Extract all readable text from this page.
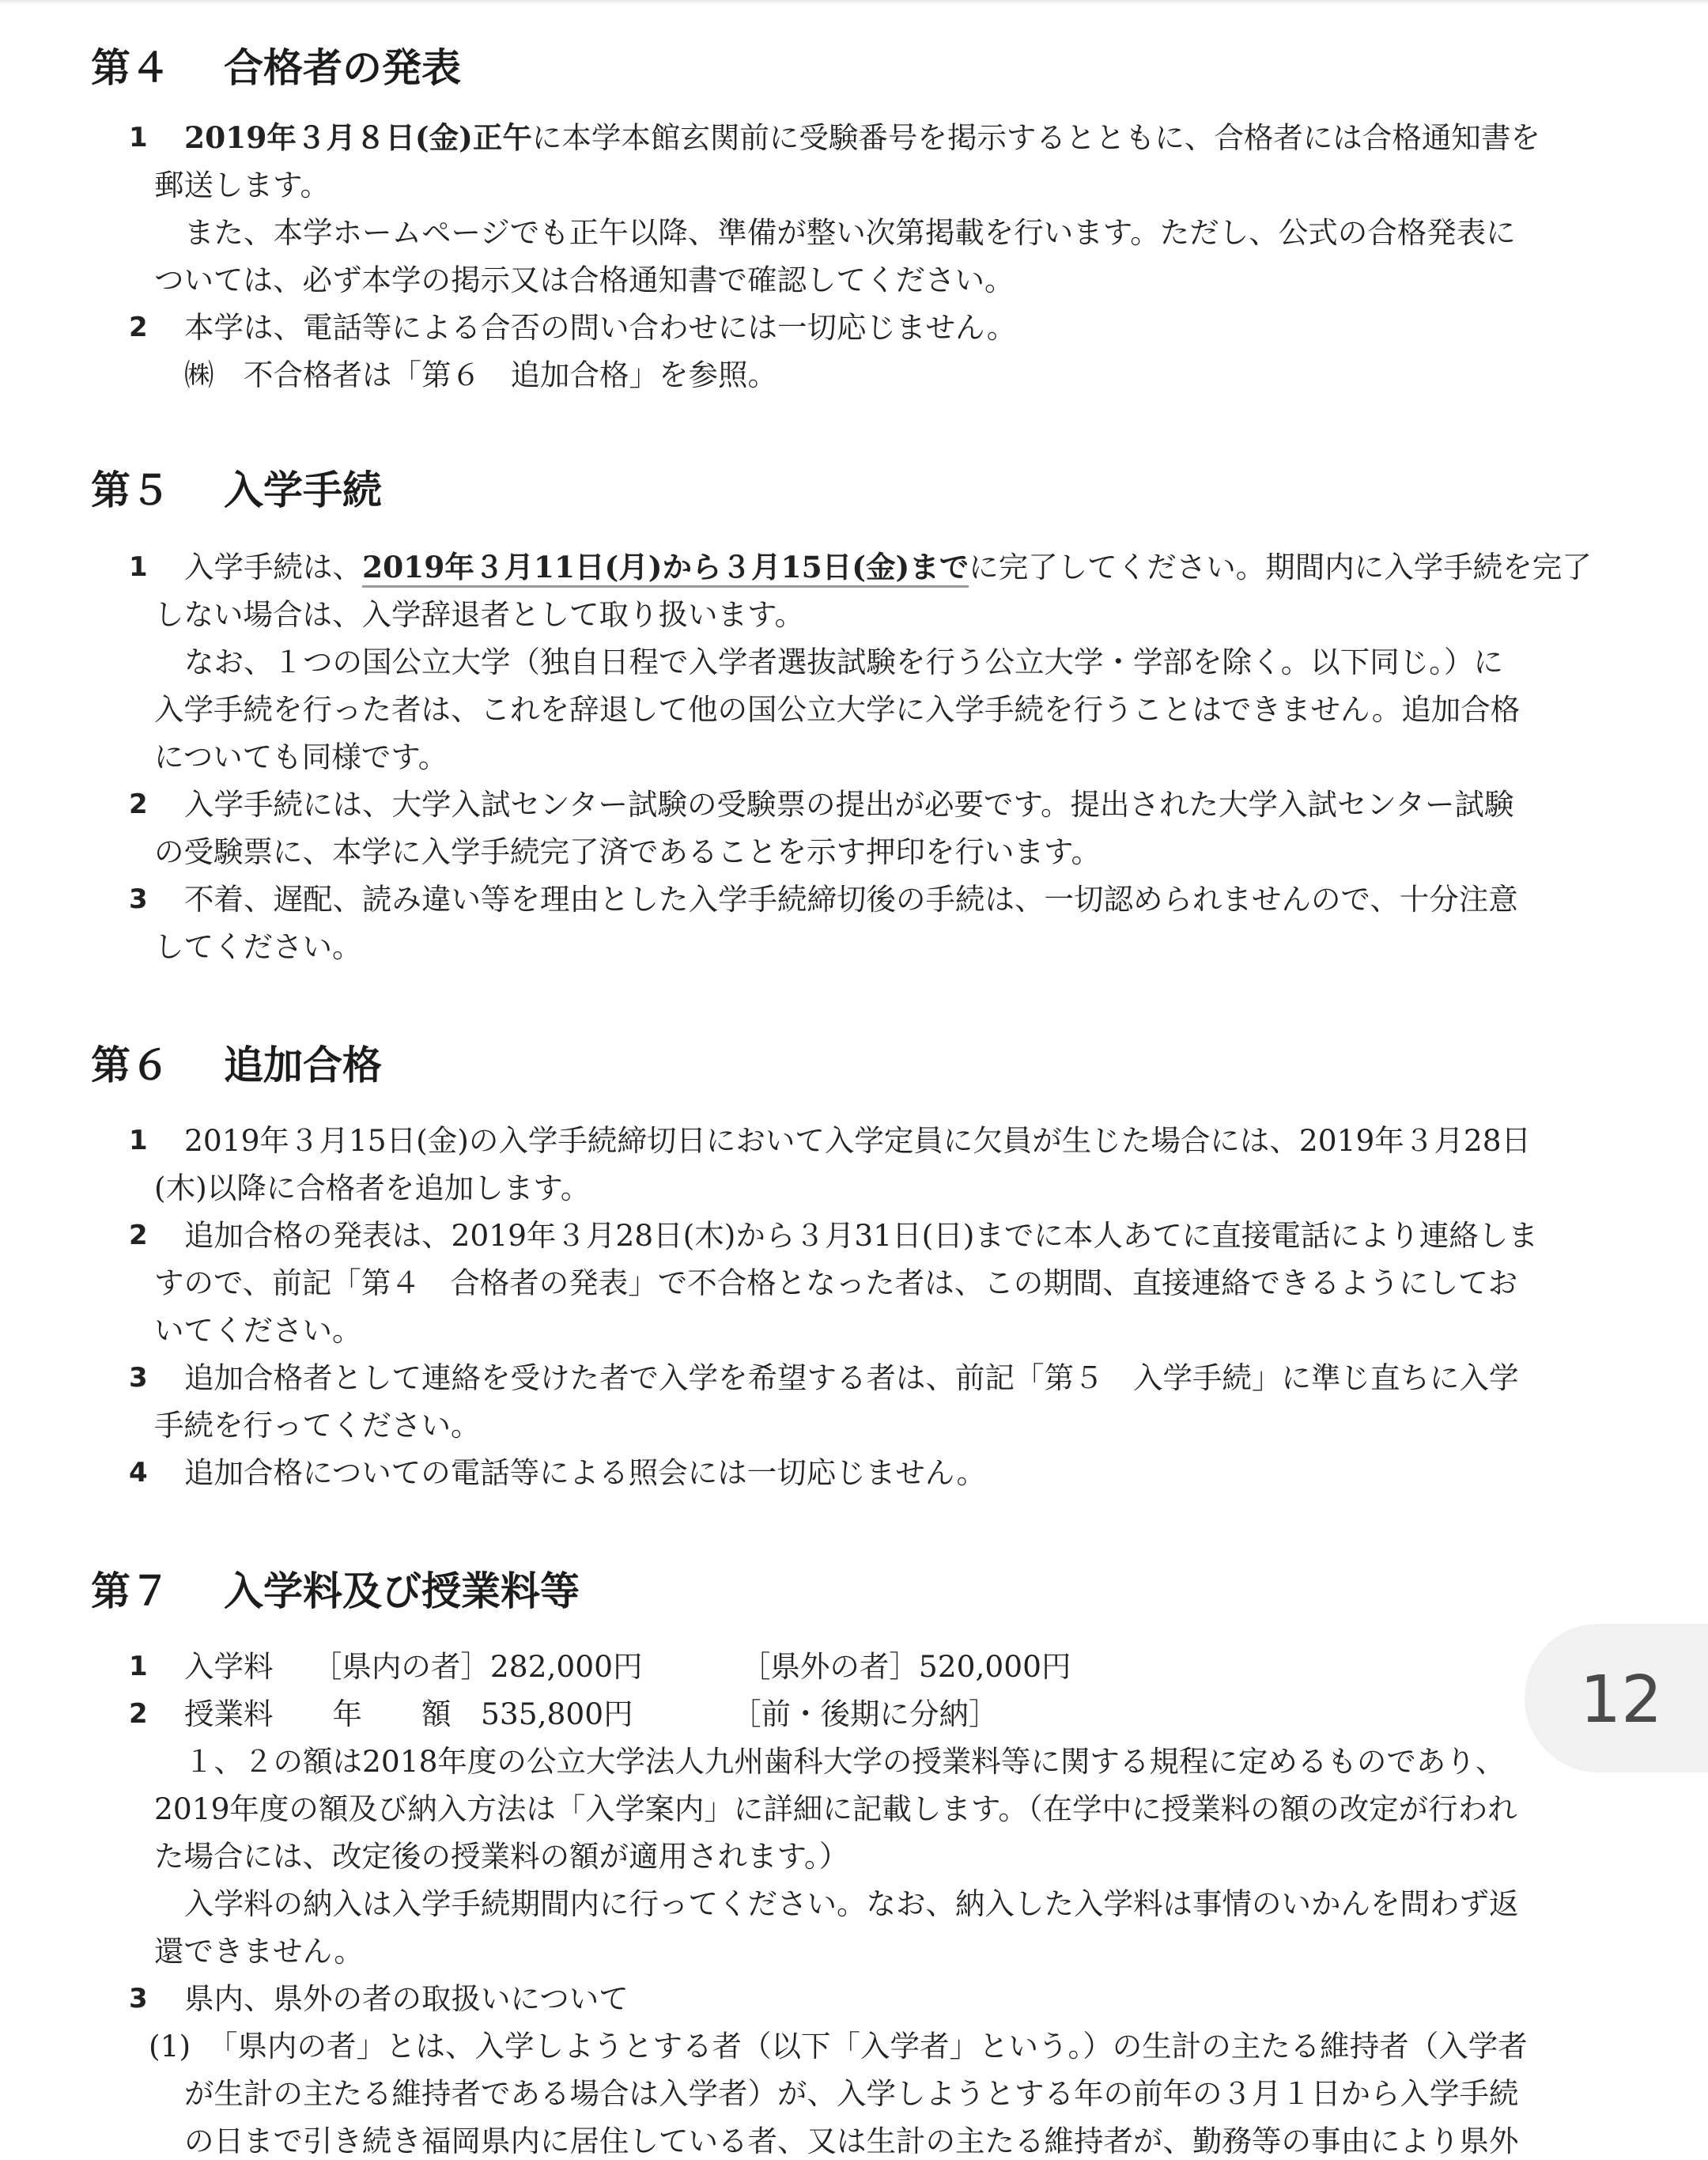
第４ 合格者の発表
1 2019年３月８日(金)正午に本学本館玄関前に受験番号を掲示するとともに、合格者には合格通知書を
郵送します。
また、本学ホームページでも正午以降、準備が整い次第掲載を行います。ただし、公式の合格発表に
ついては、必ず本学の掲示又は合格通知書で確認してください。
2 本学は、電話等による合否の問い合わせには一切応じません。
㈱　不合格者は「第６　追加合格」を参照。
第５ 入学手続
1 入学手続は、2019年３月11日(月)から３月15日(金)までに完了してください。期間内に入学手続を完了
しない場合は、入学辞退者として取り扱います。
なお、１つの国公立大学（独自日程で入学者選抜試験を行う公立大学・学部を除く。以下同じ。）に
入学手続を行った者は、これを辞退して他の国公立大学に入学手続を行うことはできません。追加合格
についても同様です。
2 入学手続には、大学入試センター試験の受験票の提出が必要です。提出された大学入試センター試験
の受験票に、本学に入学手続完了済であることを示す押印を行います。
3 不着、遅配、読み違い等を理由とした入学手続締切後の手続は、一切認められませんので、十分注意
してください。
第６ 追加合格
1 2019年３月15日(金)の入学手続締切日において入学定員に欠員が生じた場合には、2019年３月28日
(木)以降に合格者を追加します。
2 追加合格の発表は、2019年３月28日(木)から３月31日(日)までに本人あてに直接電話により連絡しま
すので、前記「第４　合格者の発表」で不合格となった者は、この期間、直接連絡できるようにしてお
いてください。
3 追加合格者として連絡を受けた者で入学を希望する者は、前記「第５　入学手続」に準じ直ちに入学
手続を行ってください。
4 追加合格についての電話等による照会には一切応じません。
第７ 入学料及び授業料等
1 入学料　 ［県内の者］282,000円　　　 ［県外の者］520,000円
2 授業料　　年　　額　535,800円　　　 ［前・後期に分納］
１、２の額は2018年度の公立大学法人九州歯科大学の授業料等に関する規程に定めるものであり、
2019年度の額及び納入方法は「入学案内」に詳細に記載します。（在学中に授業料の額の改定が行われ
た場合には、改定後の授業料の額が適用されます。）
入学料の納入は入学手続期間内に行ってください。なお、納入した入学料は事情のいかんを問わず返
還できません。
3 県内、県外の者の取扱いについて
(1) 「県内の者」とは、入学しようとする者（以下「入学者」という。）の生計の主たる維持者（入学者
が生計の主たる維持者である場合は入学者）が、入学しようとする年の前年の３月１日から入学手続
の日まで引き続き福岡県内に居住している者、又は生計の主たる維持者が、勤務等の事由により県外
12
